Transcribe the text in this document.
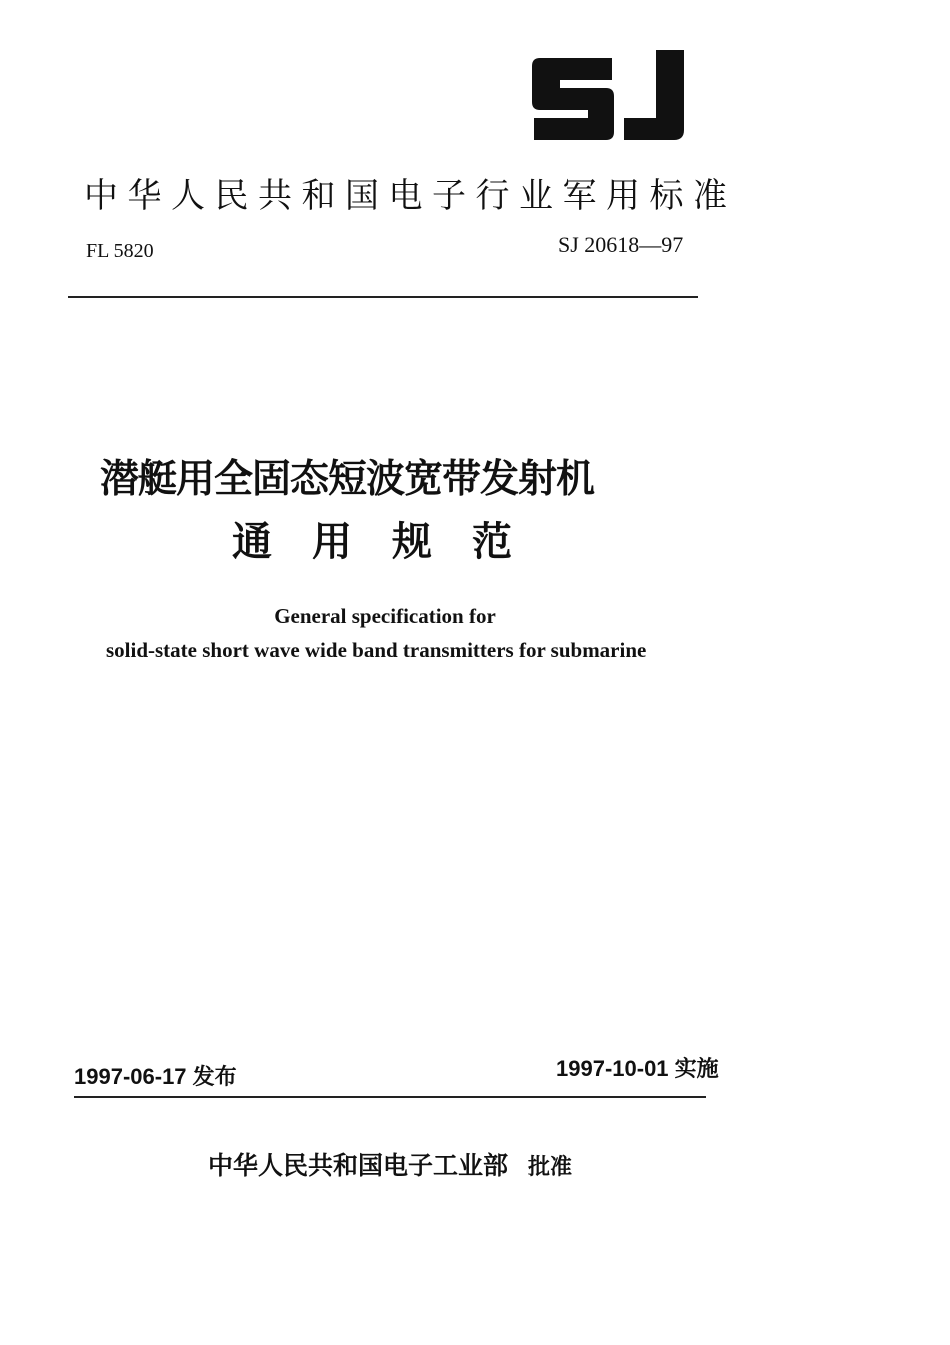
中华人民共和国电子行业军用标准
FL 5820	SJ 20618—97
潜艇用全固态短波宽带发射机
通用规范
General specification for
solid-state short wave wide band transmitters for submarine
1997-06-17 发布	1997-10-01 实施
中华人民共和国电子工业部 批准
